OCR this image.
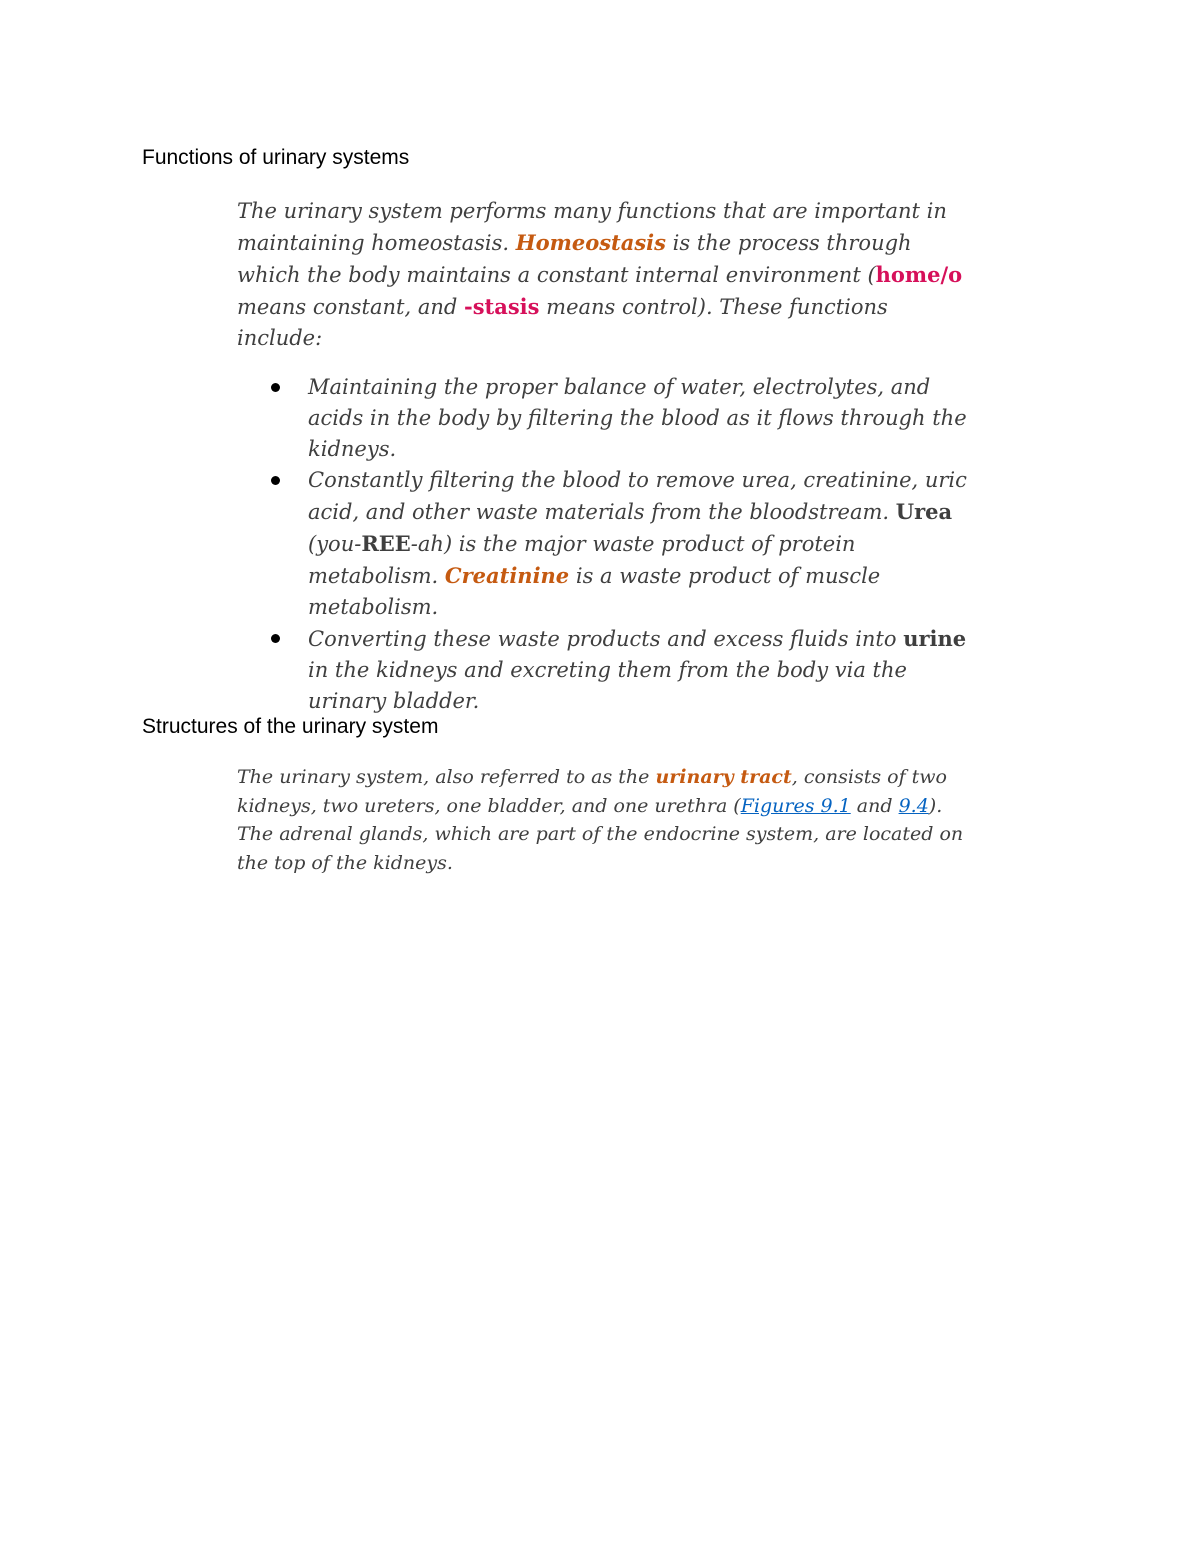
Functions of urinary systems

The urinary system performs many functions that are important in maintaining homeostasis. Homeostasis is the process through which the body maintains a constant internal environment (home/o means constant, and -stasis means control). These functions include:

Maintaining the proper balance of water, electrolytes, and acids in the body by filtering the blood as it flows through the kidneys.
Constantly filtering the blood to remove urea, creatinine, uric acid, and other waste materials from the bloodstream. Urea (you-REE-ah) is the major waste product of protein metabolism. Creatinine is a waste product of muscle metabolism.
Converting these waste products and excess fluids into urine in the kidneys and excreting them from the body via the urinary bladder.
Structures of the urinary system

The urinary system, also referred to as the urinary tract, consists of two kidneys, two ureters, one bladder, and one urethra (Figures 9.1 and 9.4). The adrenal glands, which are part of the endocrine system, are located on the top of the kidneys.
